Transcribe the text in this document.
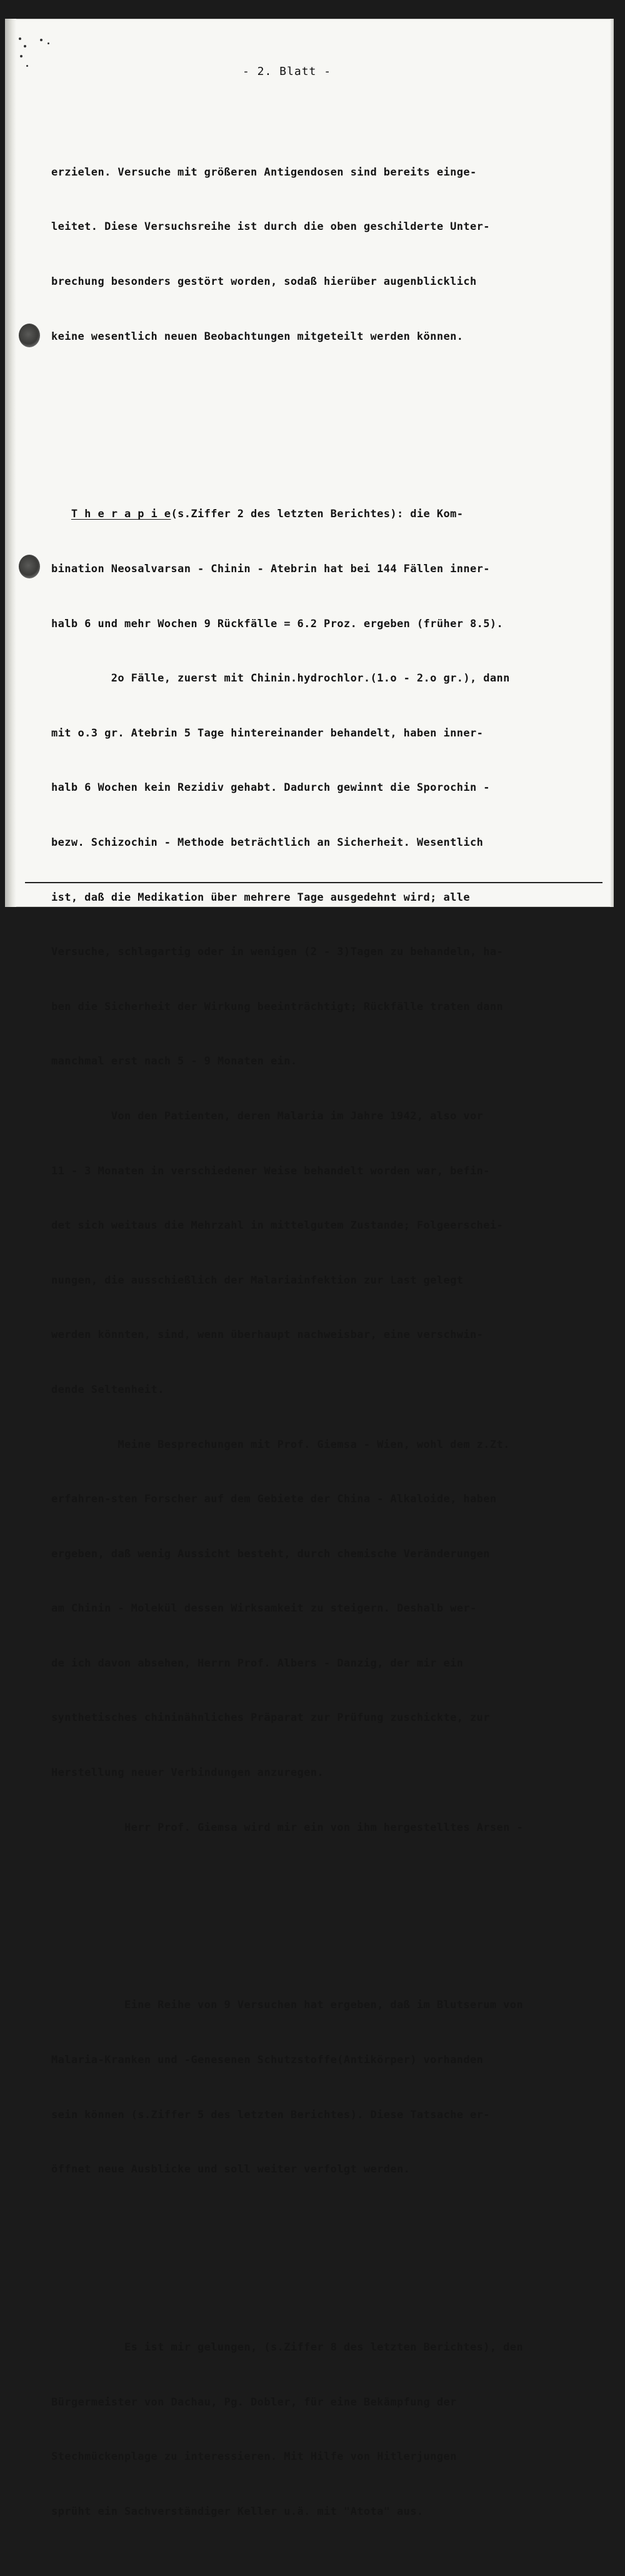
- 2. Blatt -

erzielen. Versuche mit größeren Antigendosen sind bereits einge-

leitet. Diese Versuchsreihe ist durch die oben geschilderte Unter-

brechung besonders gestört worden, sodaß hierüber augenblicklich

keine wesentlich neuen Beobachtungen mitgeteilt werden können.

T h e r a p i e(s.Ziffer 2 des letzten Berichtes): die Kom-

bination Neosalvarsan - Chinin - Atebrin hat bei 144 Fällen inner-

halb 6 und mehr Wochen 9 Rückfälle = 6.2 Proz. ergeben (früher 8.5).

2o Fälle, zuerst mit Chinin.hydrochlor.(1.o - 2.o gr.), dann

mit o.3 gr. Atebrin 5 Tage hintereinander behandelt, haben inner-

halb 6 Wochen kein Rezidiv gehabt. Dadurch gewinnt die Sporochin -

bezw. Schizochin - Methode beträchtlich an Sicherheit. Wesentlich

ist, daß die Medikation über mehrere Tage ausgedehnt wird; alle

Versuche, schlagartig oder in wenigen (2 - 3)Tagen zu behandeln, ha-

ben die Sicherheit der Wirkung beeinträchtigt; Rückfälle traten dann

manchmal erst nach 5 - 9 Monaten ein.

Von den Patienten, deren Malaria im Jahre 1942, also vor

11 - 3 Monaten in verschiedener Weise behandelt worden war, befin-

det sich weitaus die Mehrzahl in mittelgutem Zustande; Folgeerschei-

nungen, die ausschießlich der Malariainfektion zur Last gelegt

werden könnten, sind, wenn überhaupt nachweisbar, eine verschwin-

dende Seltenheit.

Meine Besprechungen mit Prof. Giemsa - Wien, wohl dem z.Zt.

erfahren-sten Forscher auf dem Gebiete der China - Alkaloide, haben

ergeben, daß wenig Aussicht besteht, durch chemische Veränderungen

am Chinin - Molekül dessen Wirksamkeit zu steigern. Deshalb wer-

de ich davon absehen, Herrn Prof. Albers - Danzig, der mir ein

synthetisches chininähnliches Präparat zur Prüfung zuschickte, zur

Herstellung neuer Verbindungen anzuregen.

Herr Prof. Giemsa wird mir ein von ihm hergestelltes Arsen -

Eine Reihe von 9 Versuchen hat ergeben, daß im Blutserum von

Malaria-Kranken und -Genesenen Schutzstoffe(Antikörper) vorhanden

sein können (s.Ziffer 5 des letzten Berichtes). Diese Tatsache er-

öffnet neue Ausblicke und soll weiter verfolgt werden.

Es ist mir gelungen, (s.Ziffer 8 des letzten Berichtes), den

Bürgermeister von Dachau, Pg. Dobler, für eine Bekämpfung der

Stechmückenplage zu interessieren. Mit Hilfe von Hitlerjungen

sprüht ein Sachverständiger Keller u.ä. mit "Atota" aus.
